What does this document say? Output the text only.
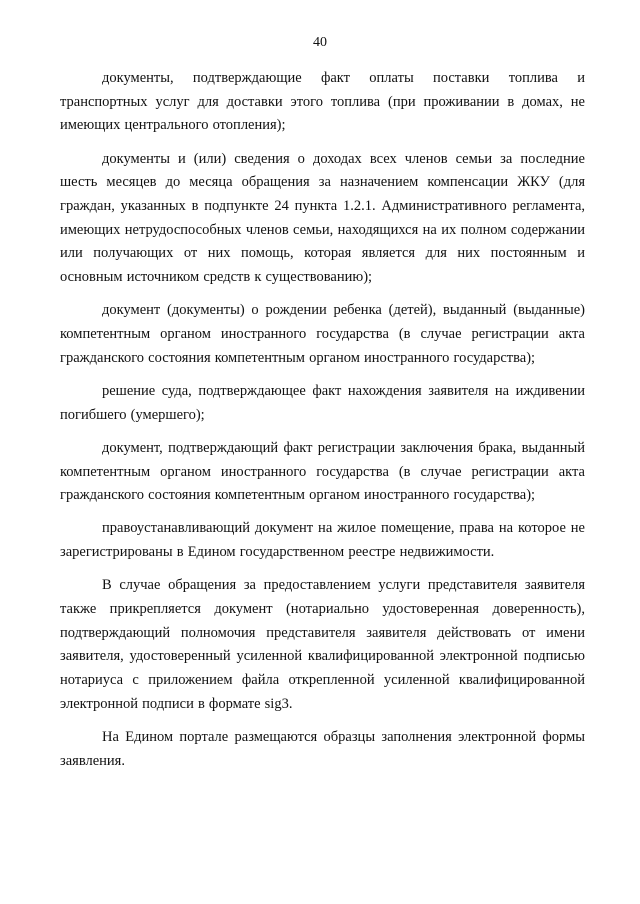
40

документы, подтверждающие факт оплаты поставки топлива и транспортных услуг для доставки этого топлива (при проживании в домах, не имеющих центрального отопления);

документы и (или) сведения о доходах всех членов семьи за последние шесть месяцев до месяца обращения за назначением компенсации ЖКУ (для граждан, указанных в подпункте 24 пункта 1.2.1. Административного регламента, имеющих нетрудоспособных членов семьи, находящихся на их полном содержании или получающих от них помощь, которая является для них постоянным и основным источником средств к существованию);

документ (документы) о рождении ребенка (детей), выданный (выданные) компетентным органом иностранного государства (в случае регистрации акта гражданского состояния компетентным органом иностранного государства);

решение суда, подтверждающее факт нахождения заявителя на иждивении погибшего (умершего);

документ, подтверждающий факт регистрации заключения брака, выданный компетентным органом иностранного государства (в случае регистрации акта гражданского состояния компетентным органом иностранного государства);

правоустанавливающий документ на жилое помещение, права на которое не зарегистрированы в Едином государственном реестре недвижимости.

В случае обращения за предоставлением услуги представителя заявителя также прикрепляется документ (нотариально удостоверенная доверенность), подтверждающий полномочия представителя заявителя действовать от имени заявителя, удостоверенный усиленной квалифицированной электронной подписью нотариуса с приложением файла открепленной усиленной квалифицированной электронной подписи в формате sig3.

На Едином портале размещаются образцы заполнения электронной формы заявления.
